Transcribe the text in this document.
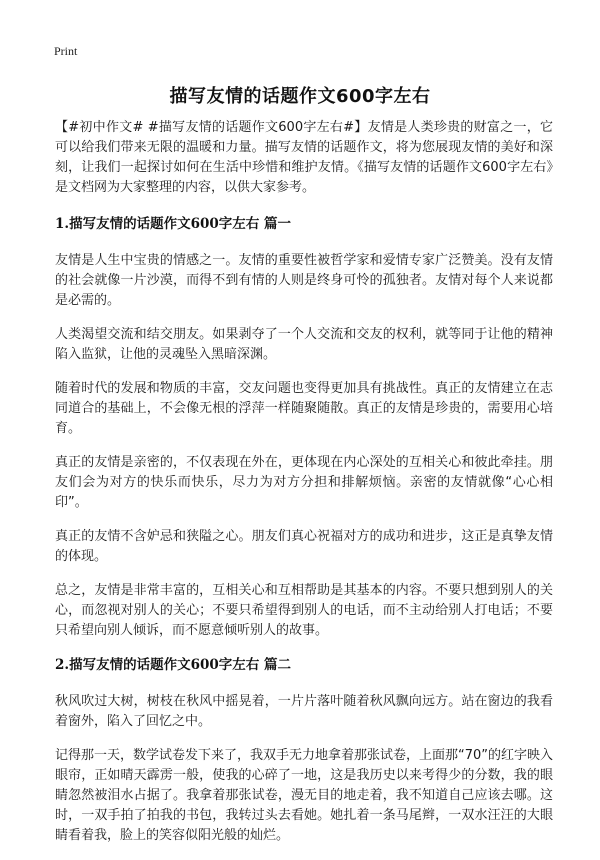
Print
描写友情的话题作文600字左右

【#初中作文# #描写友情的话题作文600字左右#】友情是人类珍贵的财富之一，它可以给我们带来无限的温暖和力量。描写友情的话题作文，将为您展现友情的美好和深刻，让我们一起探讨如何在生活中珍惜和维护友情。《描写友情的话题作文600字左右》是文档网为大家整理的内容，以供大家参考。

1.描写友情的话题作文600字左右 篇一

友情是人生中宝贵的情感之一。友情的重要性被哲学家和爱情专家广泛赞美。没有友情的社会就像一片沙漠，而得不到有情的人则是终身可怜的孤独者。友情对每个人来说都是必需的。

人类渴望交流和结交朋友。如果剥夺了一个人交流和交友的权利，就等同于让他的精神陷入监狱，让他的灵魂坠入黑暗深渊。

随着时代的发展和物质的丰富，交友问题也变得更加具有挑战性。真正的友情建立在志同道合的基础上，不会像无根的浮萍一样随聚随散。真正的友情是珍贵的，需要用心培育。

真正的友情是亲密的，不仅表现在外在，更体现在内心深处的互相关心和彼此牵挂。朋友们会为对方的快乐而快乐，尽力为对方分担和排解烦恼。亲密的友情就像“心心相印”。

真正的友情不含妒忌和狭隘之心。朋友们真心祝福对方的成功和进步，这正是真挚友情的体现。

总之，友情是非常丰富的，互相关心和互相帮助是其基本的内容。不要只想到别人的关心，而忽视对别人的关心；不要只希望得到别人的电话，而不主动给别人打电话；不要只希望向别人倾诉，而不愿意倾听别人的故事。

2.描写友情的话题作文600字左右 篇二

秋风吹过大树，树枝在秋风中摇晃着，一片片落叶随着秋风飘向远方。站在窗边的我看着窗外，陷入了回忆之中。

记得那一天，数学试卷发下来了，我双手无力地拿着那张试卷，上面那“70”的红字映入眼帘，正如晴天霹雳一般，使我的心碎了一地，这是我历史以来考得少的分数，我的眼睛忽然被泪水占据了。我拿着那张试卷，漫无目的地走着，我不知道自己应该去哪。这时，一双手拍了拍我的书包，我转过头去看她。她扎着一条马尾辫，一双水汪汪的大眼睛看着我，脸上的笑容似阳光般的灿烂。
